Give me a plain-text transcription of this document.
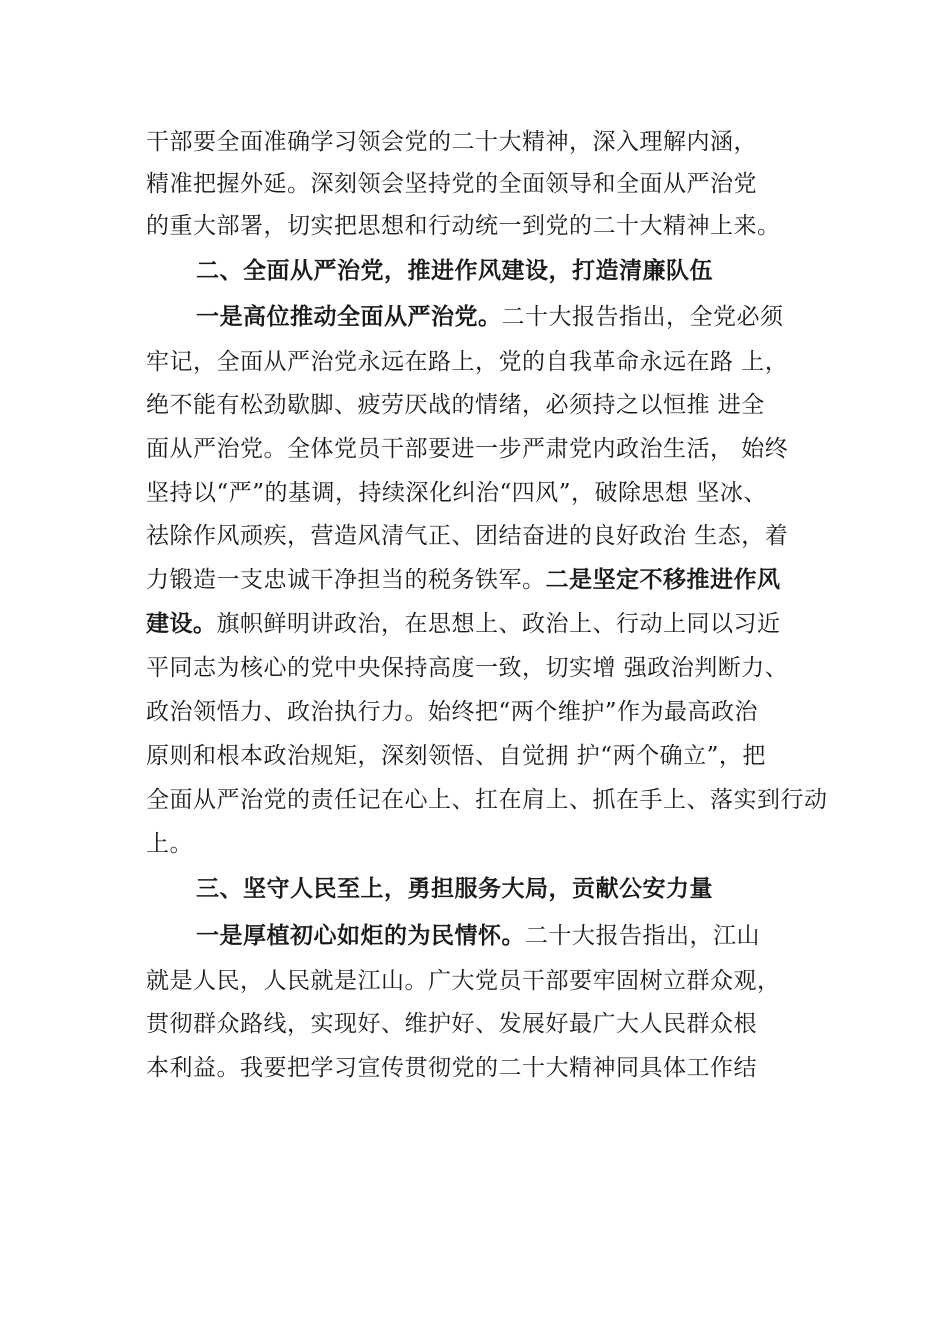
干部要全面准确学习领会党的二十大精神，深入理解内涵，
精准把握外延。深刻领会坚持党的全面领导和全面从严治党
的重大部署，切实把思想和行动统一到党的二十大精神上来。
二、全面从严治党，推进作风建设，打造清廉队伍
一是高位推动全面从严治党。二十大报告指出，全党必须
牢记，全面从严治党永远在路上，党的自我革命永远在路 上，
绝不能有松劲歇脚、疲劳厌战的情绪，必须持之以恒推 进全
面从严治党。全体党员干部要进一步严肃党内政治生活， 始终
坚持以“严”的基调，持续深化纠治“四风”，破除思想 坚冰、
祛除作风顽疾，营造风清气正、团结奋进的良好政治 生态，着
力锻造一支忠诚干净担当的税务铁军。二是坚定不移推进作风
建设。旗帜鲜明讲政治，在思想上、政治上、行动上同以习近
平同志为核心的党中央保持高度一致，切实增 强政治判断力、
政治领悟力、政治执行力。始终把“两个维护”作为最高政治
原则和根本政治规矩，深刻领悟、自觉拥 护“两个确立”，把
全面从严治党的责任记在心上、扛在肩上、抓在手上、落实到行动
上。
三、坚守人民至上，勇担服务大局，贡献公安力量
一是厚植初心如炬的为民情怀。二十大报告指出，江山
就是人民，人民就是江山。广大党员干部要牢固树立群众观，
贯彻群众路线，实现好、维护好、发展好最广大人民群众根
本利益。我要把学习宣传贯彻党的二十大精神同具体工作结
